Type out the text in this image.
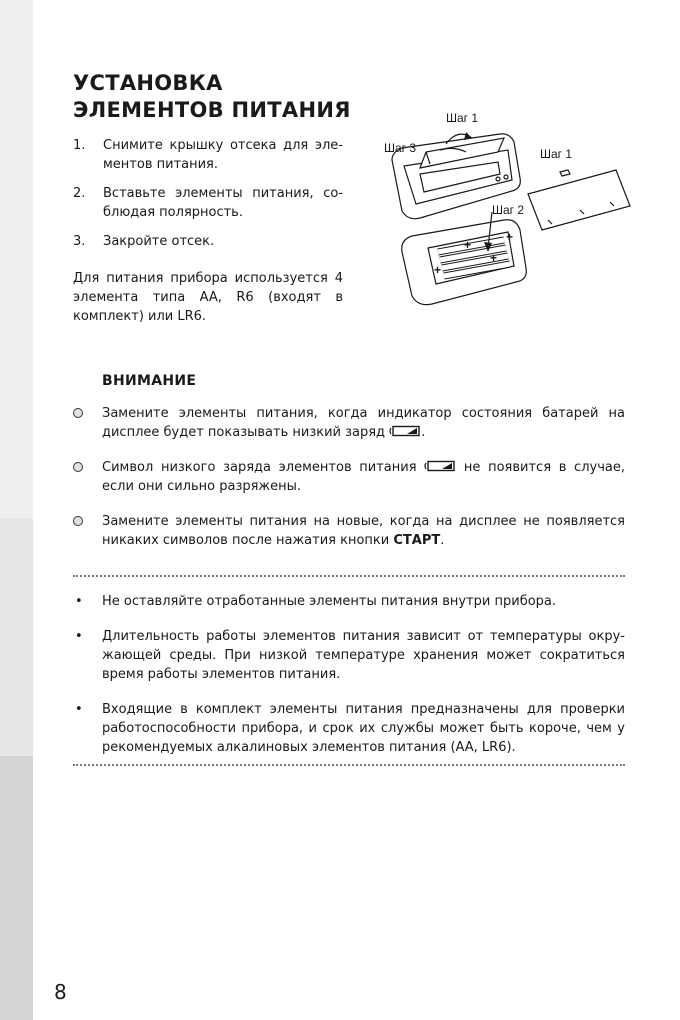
УСТАНОВКА
ЭЛЕМЕНТОВ ПИТАНИЯ
1. Снимите крышку отсека для элементов питания.
2. Вставьте элементы питания, соблюдая полярность.
3. Закройте отсек.

Для питания прибора используется 4 элемента типа AA, R6 (входят в комплект) или LR6.

Шаг 1
Шаг 3	Шаг 1
Шаг 2
+
+
+
+
ВНИМАНИЕ
Замените элементы питания, когда индикатор состояния батарей на дисплее будет показывать низкий заряд	.
Символ низкого заряда элементов питания	не появится в случае, если они сильно разряжены.
Замените элементы питания на новые, когда на дисплее не появляется никаких символов после нажатия кнопки СТАРТ.
• Не оставляйте отработанные элементы питания внутри прибора.
• Длительность работы элементов питания зависит от температуры окружающей среды. При низкой температуре хранения может сократиться время работы элементов питания.
• Входящие в комплект элементы питания предназначены для проверки работоспособности прибора, и срок их службы может быть короче, чем у рекомендуемых алкалиновых элементов питания (AA, LR6).
8
